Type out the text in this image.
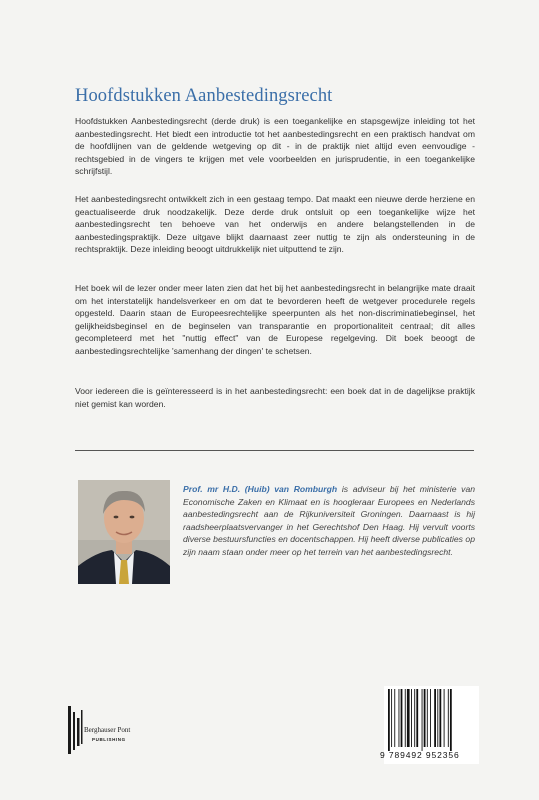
Hoofdstukken Aanbestedingsrecht

Hoofdstukken Aanbestedingsrecht (derde druk) is een toegankelijke en stapsgewijze inleiding tot het aanbestedingsrecht. Het biedt een introductie tot het aanbestedingsrecht en een praktisch handvat om de hoofdlijnen van de geldende wetgeving op dit - in de praktijk niet altijd even eenvoudige - rechtsgebied in de vingers te krijgen met vele voorbeelden en jurisprudentie, in een toegankelijke schrijfstijl.

Het aanbestedingsrecht ontwikkelt zich in een gestaag tempo. Dat maakt een nieuwe derde herziene en geactualiseerde druk noodzakelijk. Deze derde druk ontsluit op een toegankelijke wijze het aanbestedingsrecht ten behoeve van het onderwijs en andere belangstellenden in de aanbestedingspraktijk. Deze uitgave blijkt daarnaast zeer nuttig te zijn als ondersteuning in de rechtspraktijk. Deze inleiding beoogt uitdrukkelijk niet uitputtend te zijn.

Het boek wil de lezer onder meer laten zien dat het bij het aanbestedingsrecht in belangrijke mate draait om het interstatelijk handelsverkeer en om dat te bevorderen heeft de wetgever procedurele regels opgesteld. Daarin staan de Europeesrechtelijke speerpunten als het non-discriminatiebeginsel, het gelijkheidsbeginsel en de beginselen van transparantie en proportionaliteit centraal; dit alles gecompleteerd met het "nuttig effect" van de Europese regelgeving. Dit boek beoogt de aanbestedingsrechtelijke 'samenhang der dingen' te schetsen.

Voor iedereen die is geïnteresseerd is in het aanbestedingsrecht: een boek dat in de dagelijkse praktijk niet gemist kan worden.

Prof. mr H.D. (Huib) van Romburgh is adviseur bij het ministerie van Economische Zaken en Klimaat en is hoogleraar Europees en Nederlands aanbestedingsrecht aan de Rijkuniversiteit Groningen. Daarnaast is hij raadsheerplaatsvervanger in het Gerechtshof Den Haag. Hij vervult voorts diverse bestuursfuncties en docentschappen. Hij heeft diverse publicaties op zijn naam staan onder meer op het terrein van het aanbestedingsrecht.

Berghauser Pont
PUBLISHING
9 789492 952356
